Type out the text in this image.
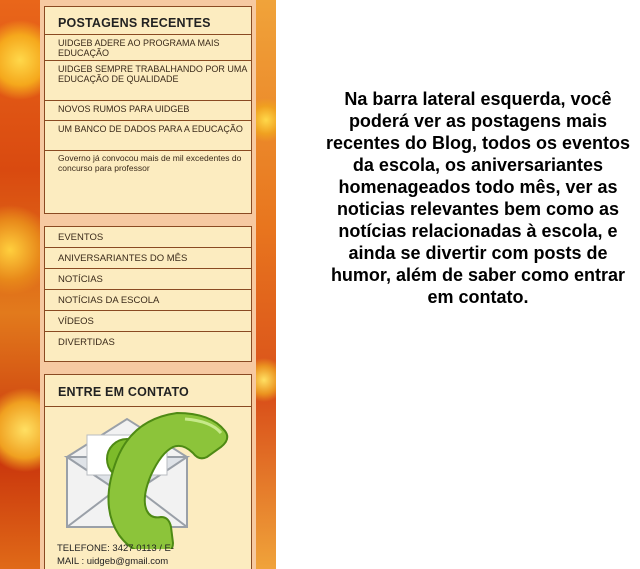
POSTAGENS RECENTES
UIDGEB ADERE AO PROGRAMA MAIS EDUCAÇÃO
UIDGEB SEMPRE TRABALHANDO POR UMA EDUCAÇÃO DE QUALIDADE
NOVOS RUMOS PARA UIDGEB
UM BANCO DE DADOS PARA A EDUCAÇÃO
Governo já convocou mais de mil excedentes do concurso para professor
EVENTOS
ANIVERSARIANTES DO MÊS
NOTÍCIAS
NOTÍCIAS DA ESCOLA
VÍDEOS
DIVERTIDAS
ENTRE EM CONTATO
TELEFONE: 3427 0113 / E-
MAIL : uidgeb@gmail.com
Na barra lateral esquerda, você poderá ver as postagens mais recentes do Blog, todos os eventos da escola, os aniversariantes homenageados todo mês, ver as noticias relevantes bem como as notícias relacionadas à escola, e ainda se divertir com posts de humor, além de saber como entrar em contato.
